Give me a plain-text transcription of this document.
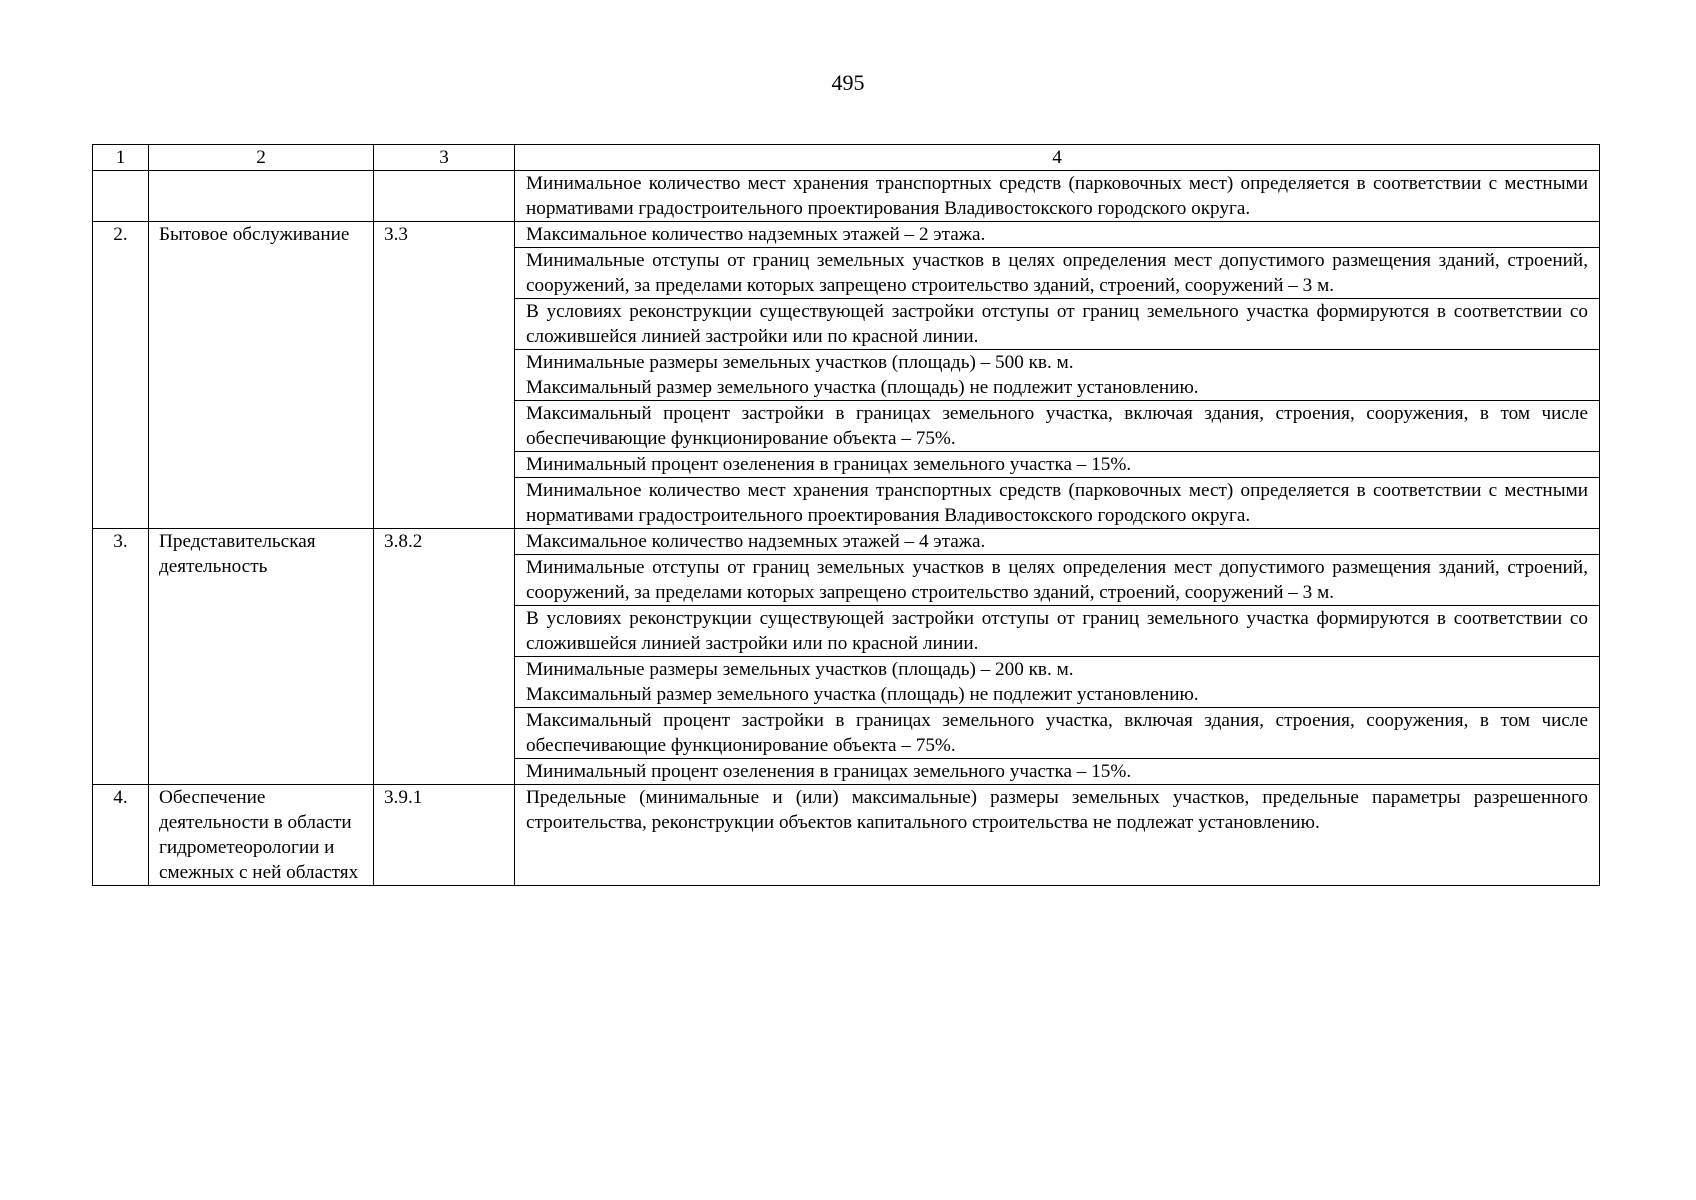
495
1	2	3	4

			Минимальное количество мест хранения транспортных средств (парковочных мест) определяется в соответствии с местными нормативами градостроительного проектирования Владивостокского городского округа.

2.	Бытовое обслуживание	3.3	Максимальное количество надземных этажей – 2 этажа.

			Минимальные отступы от границ земельных участков в целях определения мест допустимого размещения зданий, строений, сооружений, за пределами которых запрещено строительство зданий, строений, сооружений – 3 м.

			В условиях реконструкции существующей застройки отступы от границ земельного участка формируются в соответствии со сложившейся линией застройки или по красной линии.

			Минимальные размеры земельных участков (площадь) – 500 кв. м.
Максимальный размер земельного участка (площадь) не подлежит установлению.

			Максимальный процент застройки в границах земельного участка, включая здания, строения, сооружения, в том числе обеспечивающие функционирование объекта – 75%.

			Минимальный процент озеленения в границах земельного участка – 15%.

			Минимальное количество мест хранения транспортных средств (парковочных мест) определяется в соответствии с местными нормативами градостроительного проектирования Владивостокского городского округа.

3.	Представительская деятельность	3.8.2	Максимальное количество надземных этажей – 4 этажа.

			Минимальные отступы от границ земельных участков в целях определения мест допустимого размещения зданий, строений, сооружений, за пределами которых запрещено строительство зданий, строений, сооружений – 3 м.

			В условиях реконструкции существующей застройки отступы от границ земельного участка формируются в соответствии со сложившейся линией застройки или по красной линии.

			Минимальные размеры земельных участков (площадь) – 200 кв. м.
Максимальный размер земельного участка (площадь) не подлежит установлению.

			Максимальный процент застройки в границах земельного участка, включая здания, строения, сооружения, в том числе обеспечивающие функционирование объекта – 75%.

			Минимальный процент озеленения в границах земельного участка – 15%.

4.	Обеспечение деятельности в области гидрометеорологии и смежных с ней областях	3.9.1	Предельные (минимальные и (или) максимальные) размеры земельных участков, предельные параметры разрешенного строительства, реконструкции объектов капитального строительства не подлежат установлению.
